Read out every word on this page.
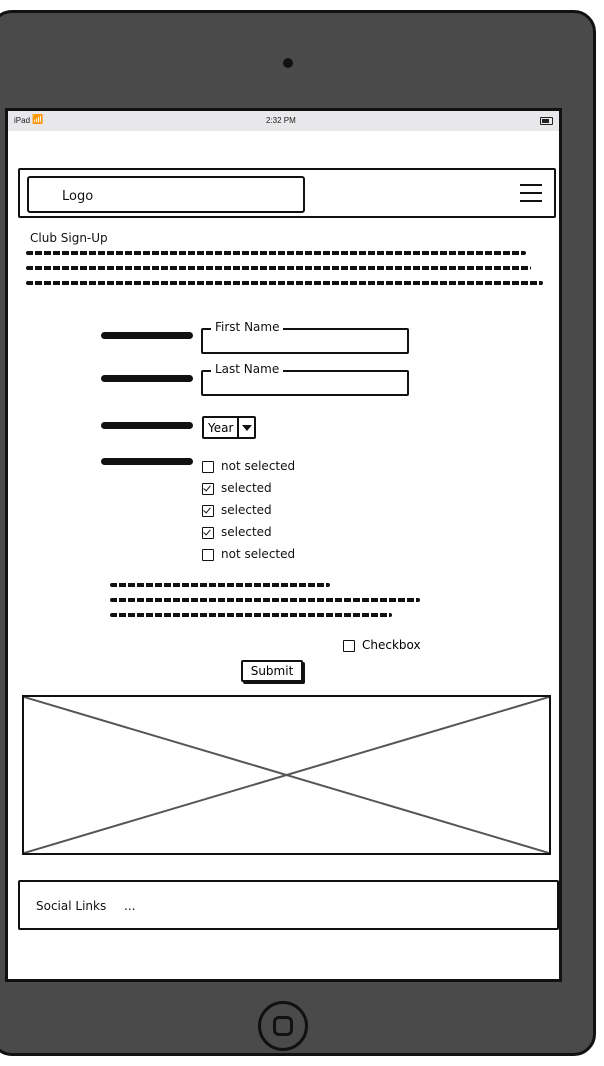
iPad 📶	2:32 PM
Logo
Club Sign-Up
First Name
Last Name
Year
not selected
selected
selected
selected
not selected
Checkbox
Submit
Social Links ...
